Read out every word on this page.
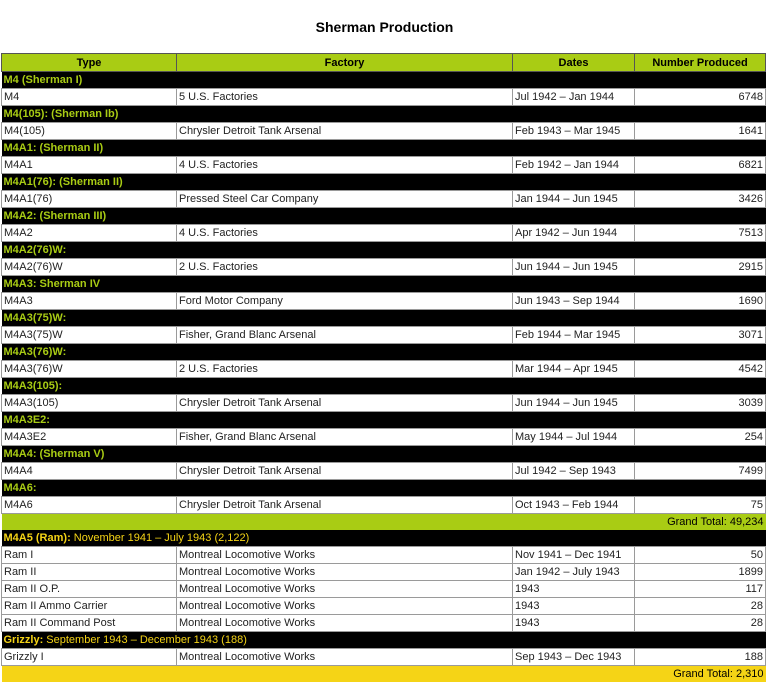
Sherman Production
Type	Factory	Dates	Number Produced
M4 (Sherman I)			
M4	5 U.S. Factories	Jul 1942 – Jan 1944	6748
M4(105): (Sherman Ib)			
M4(105)	Chrysler Detroit Tank Arsenal	Feb 1943 – Mar 1945	1641
M4A1: (Sherman II)			
M4A1	4 U.S. Factories	Feb 1942 – Jan 1944	6821
M4A1(76): (Sherman II)			
M4A1(76)	Pressed Steel Car Company	Jan 1944 – Jun 1945	3426
M4A2: (Sherman III)			
M4A2	4 U.S. Factories	Apr 1942 – Jun 1944	7513
M4A2(76)W:			
M4A2(76)W	2 U.S. Factories	Jun 1944 – Jun 1945	2915
M4A3: Sherman IV			
M4A3	Ford Motor Company	Jun 1943 – Sep 1944	1690
M4A3(75)W:			
M4A3(75)W	Fisher, Grand Blanc Arsenal	Feb 1944 – Mar 1945	3071
M4A3(76)W:			
M4A3(76)W	2 U.S. Factories	Mar 1944 – Apr 1945	4542
M4A3(105):			
M4A3(105)	Chrysler Detroit Tank Arsenal	Jun 1944 – Jun 1945	3039
M4A3E2:			
M4A3E2	Fisher, Grand Blanc Arsenal	May 1944 – Jul 1944	254
M4A4: (Sherman V)			
M4A4	Chrysler Detroit Tank Arsenal	Jul 1942 – Sep 1943	7499
M4A6:			
M4A6	Chrysler Detroit Tank Arsenal	Oct 1943 – Feb 1944	75
Grand Total: 49,234			
M4A5 (Ram): November 1941 – July 1943 (2,122)			
Ram I	Montreal Locomotive Works	Nov 1941 – Dec 1941	50
Ram II	Montreal Locomotive Works	Jan 1942 – July 1943	1899
Ram II O.P.	Montreal Locomotive Works	1943	117
Ram II Ammo Carrier	Montreal Locomotive Works	1943	28
Ram II Command Post	Montreal Locomotive Works	1943	28
Grizzly: September 1943 – December 1943 (188)			
Grizzly I	Montreal Locomotive Works	Sep 1943 – Dec 1943	188
Grand Total: 2,310			
